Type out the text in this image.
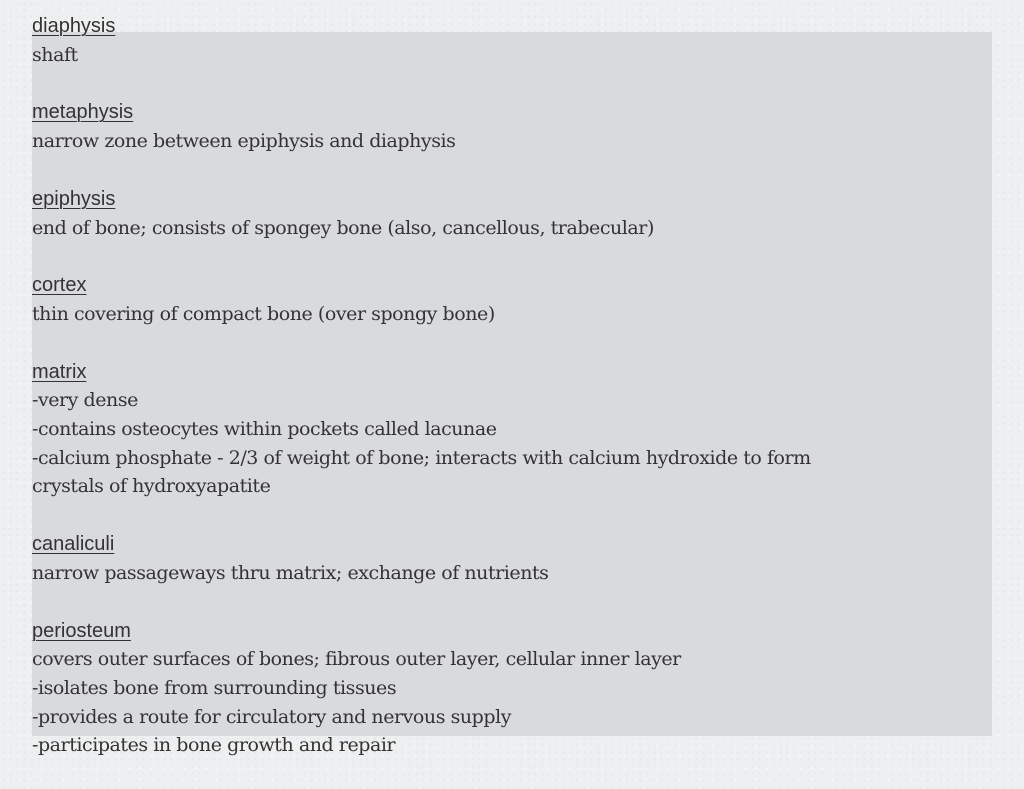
diaphysis
shaft
metaphysis
narrow zone between epiphysis and diaphysis
epiphysis
end of bone; consists of spongey bone (also, cancellous, trabecular)
cortex
thin covering of compact bone (over spongy bone)
matrix
-very dense
-contains osteocytes within pockets called lacunae
-calcium phosphate - 2/3 of weight of bone; interacts with calcium hydroxide to form
crystals of hydroxyapatite
canaliculi
narrow passageways thru matrix; exchange of nutrients
periosteum
covers outer surfaces of bones; fibrous outer layer, cellular inner layer
-isolates bone from surrounding tissues
-provides a route for circulatory and nervous supply
-participates in bone growth and repair
